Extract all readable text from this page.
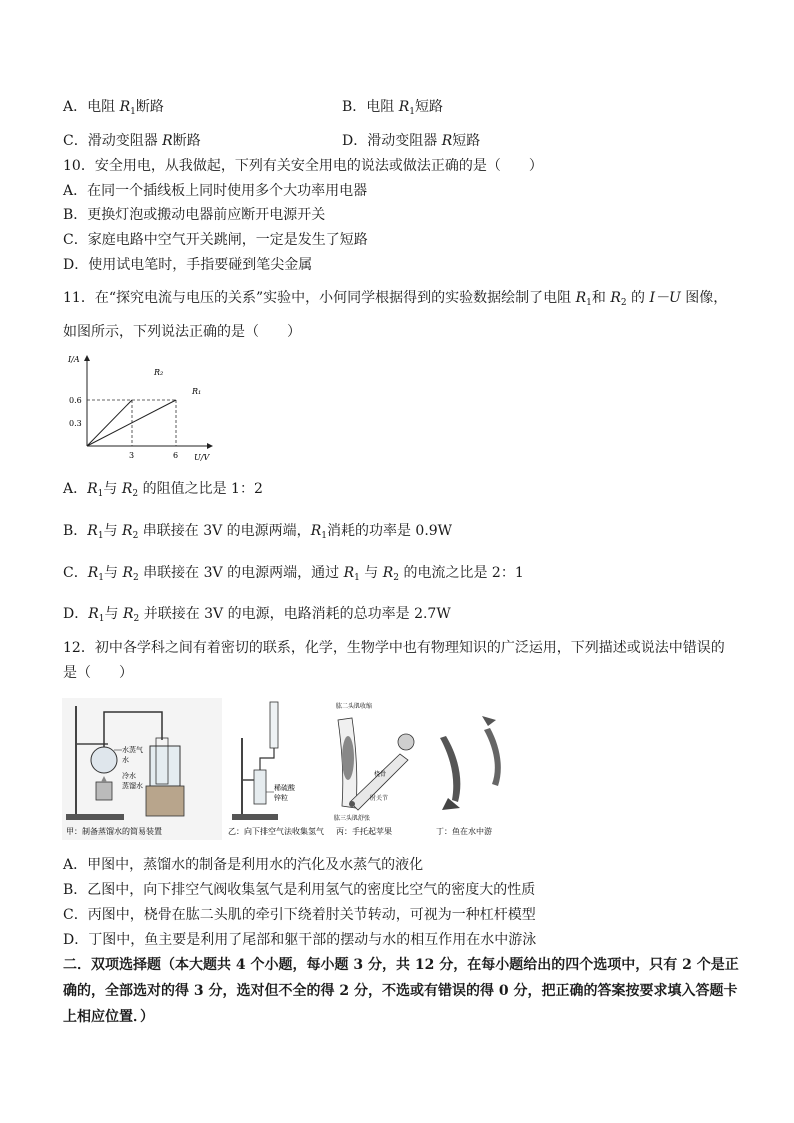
A．电阻 $R_1$断路	B．电阻 $R_1$短路
C．滑动变阻器 R断路	D．滑动变阻器 R短路
10．安全用电，从我做起，下列有关安全用电的说法或做法正确的是（　　）
A．在同一个插线板上同时使用多个大功率用电器
B．更换灯泡或搬动电器前应断开电源开关
C．家庭电路中空气开关跳闸，一定是发生了短路
D．使用试电笔时，手指要碰到笔尖金属
11．在“探究电流与电压的关系”实验中，小何同学根据得到的实验数据绘制了电阻 $R_1$和 $R_2$ 的 I－U 图像，
如图所示，下列说法正确的是（　　）
I/A
U/V
0.6
0.3
3	6
R₂
R₁
A．$R_1$与 $R_2$ 的阻值之比是 1：2
B．$R_1$与 $R_2$ 串联接在 3V 的电源两端，$R_1$消耗的功率是 0.9W
C．$R_1$与 $R_2$ 串联接在 3V 的电源两端，通过 $R_1$ 与 $R_2$ 的电流之比是 2：1
D．$R_1$与 $R_2$ 并联接在 3V 的电源，电路消耗的总功率是 2.7W
12．初中各学科之间有着密切的联系，化学，生物学中也有物理知识的广泛运用，下列描述或说法中错误的
是（　　）
水蒸气
水
冷水
蒸馏水
甲：制备蒸馏水的简易装置
稀硫酸
锌粒
乙：向下排空气法收集氢气
肱二头肌收缩
桡骨
肘关节
肱三头肌舒张
丙：手托起苹果	丁：鱼在水中游
A．甲图中，蒸馏水的制备是利用水的汽化及水蒸气的液化
B．乙图中，向下排空气阀收集氢气是利用氢气的密度比空气的密度大的性质
C．丙图中，桡骨在肱二头肌的牵引下绕着肘关节转动，可视为一种杠杆模型
D．丁图中，鱼主要是利用了尾部和躯干部的摆动与水的相互作用在水中游泳
二．双项选择题（本大题共 4 个小题，每小题 3 分，共 12 分，在每小题给出的四个选项中，只有 2 个是正
确的，全部选对的得 3 分，选对但不全的得 2 分，不选或有错误的得 0 分，把正确的答案按要求填入答题卡
上相应位置．）
